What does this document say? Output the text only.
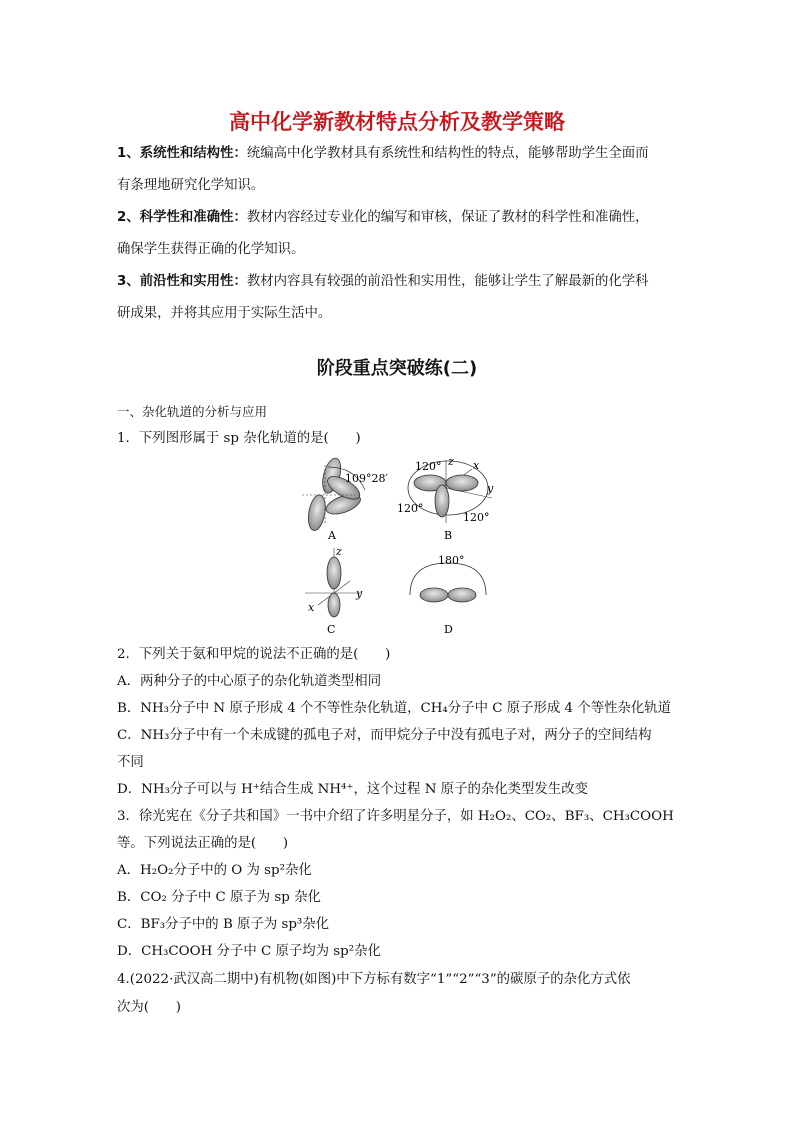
高中化学新教材特点分析及教学策略
1、系统性和结构性：统编高中化学教材具有系统性和结构性的特点，能够帮助学生全面而
有条理地研究化学知识。
2、科学性和准确性：教材内容经过专业化的编写和审核，保证了教材的科学性和准确性，
确保学生获得正确的化学知识。
3、前沿性和实用性：教材内容具有较强的前沿性和实用性，能够让学生了解最新的化学科
研成果，并将其应用于实际生活中。
阶段重点突破练(二)
一、杂化轨道的分析与应用
1．下列图形属于 sp 杂化轨道的是(　　)
109°28′
A
120°
120°
120°
z x
y
B
z
y
x
C
180°
D
2．下列关于氨和甲烷的说法不正确的是(　　)
A．两种分子的中心原子的杂化轨道类型相同
B．NH₃分子中 N 原子形成 4 个不等性杂化轨道，CH₄分子中 C 原子形成 4 个等性杂化轨道
C．NH₃分子中有一个未成键的孤电子对，而甲烷分子中没有孤电子对，两分子的空间结构
不同
D．NH₃分子可以与 H⁺结合生成 NH⁴⁺，这个过程 N 原子的杂化类型发生改变
3．徐光宪在《分子共和国》一书中介绍了许多明星分子，如 H₂O₂、CO₂、BF₃、CH₃COOH
等。下列说法正确的是(　　)
A．H₂O₂分子中的 O 为 sp²杂化
B．CO₂ 分子中 C 原子为 sp 杂化
C．BF₃分子中的 B 原子为 sp³杂化
D．CH₃COOH 分子中 C 原子均为 sp²杂化
4.(2022·武汉高二期中)有机物(如图)中下方标有数字“1”“2”“3”的碳原子的杂化方式依
次为(　　)
